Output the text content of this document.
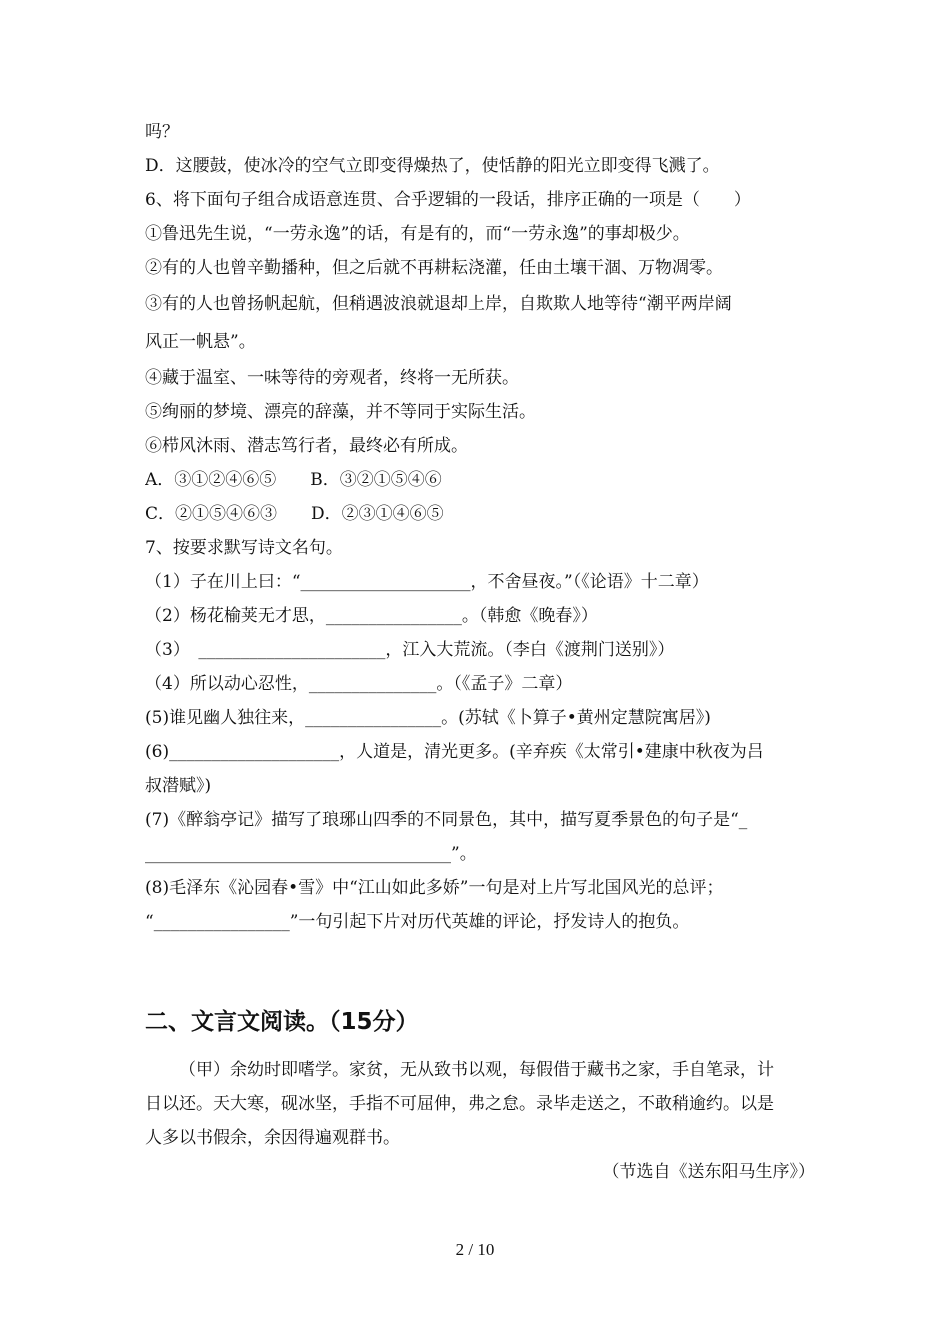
吗？
D．这腰鼓，使冰冷的空气立即变得燥热了，使恬静的阳光立即变得飞溅了。
6、将下面句子组合成语意连贯、合乎逻辑的一段话，排序正确的一项是（　　）
①鲁迅先生说，“一劳永逸”的话，有是有的，而“一劳永逸”的事却极少。
②有的人也曾辛勤播种，但之后就不再耕耘浇灌，任由土壤干涸、万物凋零。
③有的人也曾扬帆起航，但稍遇波浪就退却上岸，自欺欺人地等待“潮平两岸阔
风正一帆悬”。
④藏于温室、一味等待的旁观者，终将一无所获。
⑤绚丽的梦境、漂亮的辞藻，并不等同于实际生活。
⑥栉风沐雨、潜志笃行者，最终必有所成。
A．③①②④⑥⑤　　B．③②①⑤④⑥
C．②①⑤④⑥③　　D．②③①④⑥⑤
7、按要求默写诗文名句。
（1）子在川上曰：“____________________，不舍昼夜。”（《论语》十二章）
（2）杨花榆荚无才思，________________。（韩愈《晚春》）
（3）　______________________，江入大荒流。（李白《渡荆门送别》）
（4）所以动心忍性，_______________。（《孟子》二章）
(5)谁见幽人独往来，________________。(苏轼《卜算子•黄州定慧院寓居》)
(6)____________________，人道是，清光更多。(辛弃疾《太常引•建康中秋夜为吕
叔潜赋》)
(7)《醉翁亭记》描写了琅琊山四季的不同景色，其中，描写夏季景色的句子是“_
____________________________________”。
(8)毛泽东《沁园春•雪》中“江山如此多娇”一句是对上片写北国风光的总评；
“________________”一句引起下片对历代英雄的评论，抒发诗人的抱负。
二、文言文阅读。（15分）
（甲）余幼时即嗜学。家贫，无从致书以观，每假借于藏书之家，手自笔录，计
日以还。天大寒，砚冰坚，手指不可屈伸，弗之怠。录毕走送之，不敢稍逾约。以是
人多以书假余，余因得遍观群书。
（节选自《送东阳马生序》）
2 / 10
